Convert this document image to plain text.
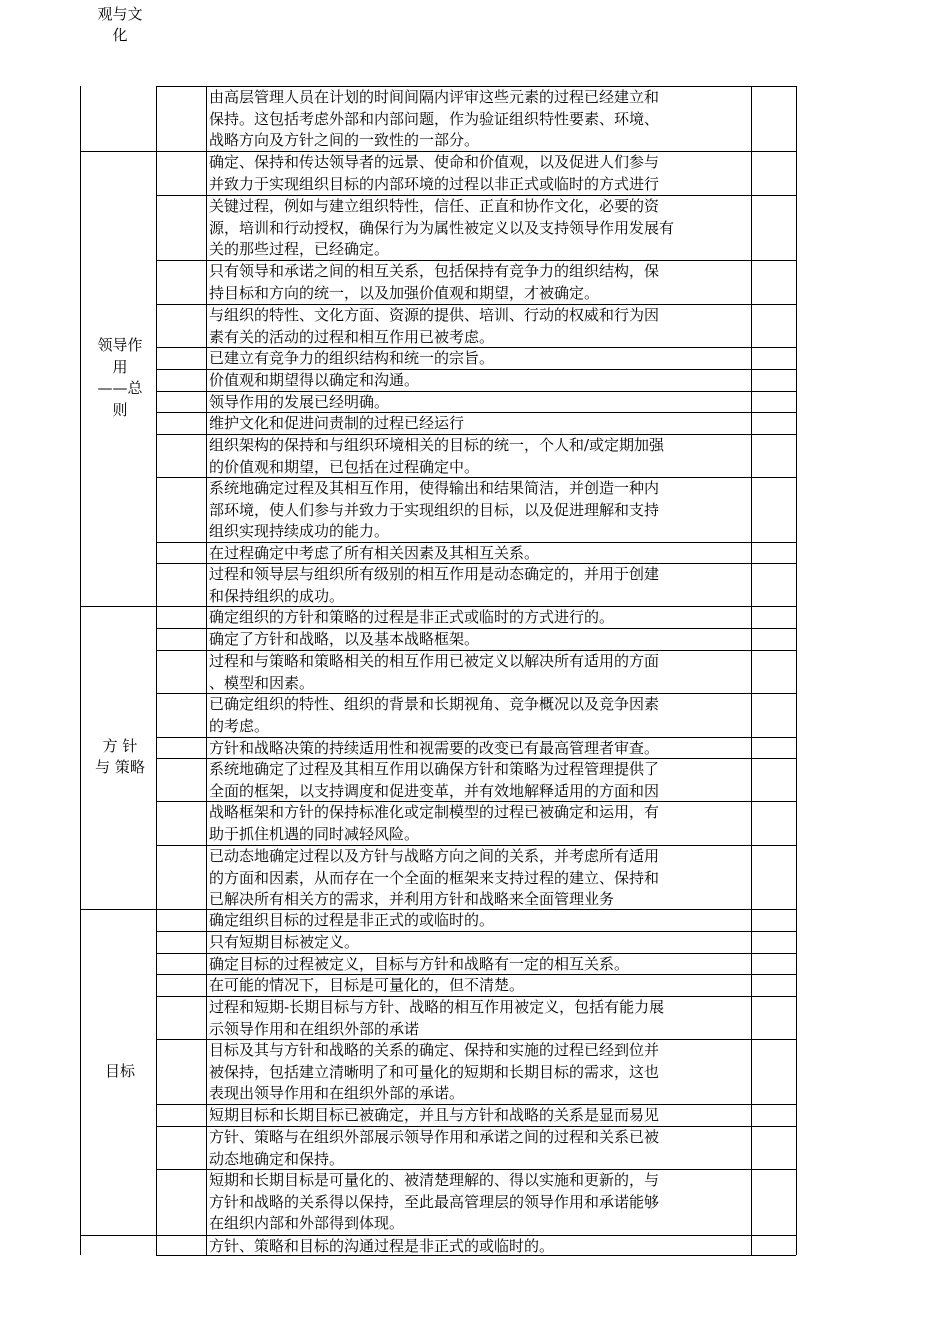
观与文
化
领导作
用
——总
则
方 针
与 策略
目标
由高层管理人员在计划的时间间隔内评审这些元素的过程已经建立和
保持。这包括考虑外部和内部问题，作为验证组织特性要素、环境、
战略方向及方针之间的一致性的一部分。
确定、保持和传达领导者的远景、使命和价值观，以及促进人们参与
并致力于实现组织目标的内部环境的过程以非正式或临时的方式进行
关键过程，例如与建立组织特性，信任、正直和协作文化，必要的资
源，培训和行动授权，确保行为为属性被定义以及支持领导作用发展有
关的那些过程，已经确定。
只有领导和承诺之间的相互关系，包括保持有竞争力的组织结构，保
持目标和方向的统一，以及加强价值观和期望，才被确定。
与组织的特性、文化方面、资源的提供、培训、行动的权威和行为因
素有关的活动的过程和相互作用已被考虑。
已建立有竞争力的组织结构和统一的宗旨。
价值观和期望得以确定和沟通。
领导作用的发展已经明确。
维护文化和促进问责制的过程已经运行
组织架构的保持和与组织环境相关的目标的统一，个人和/或定期加强
的价值观和期望，已包括在过程确定中。
系统地确定过程及其相互作用，使得输出和结果简洁，并创造一种内
部环境，使人们参与并致力于实现组织的目标，以及促进理解和支持
组织实现持续成功的能力。
在过程确定中考虑了所有相关因素及其相互关系。
过程和领导层与组织所有级别的相互作用是动态确定的，并用于创建
和保持组织的成功。
确定组织的方针和策略的过程是非正式或临时的方式进行的。
确定了方针和战略，以及基本战略框架。
过程和与策略和策略相关的相互作用已被定义以解决所有适用的方面
、模型和因素。
已确定组织的特性、组织的背景和长期视角、竞争概况以及竞争因素
的考虑。
方针和战略决策的持续适用性和视需要的改变已有最高管理者审查。
系统地确定了过程及其相互作用以确保方针和策略为过程管理提供了
全面的框架，以支持调度和促进变革，并有效地解释适用的方面和因
战略框架和方针的保持标准化或定制模型的过程已被确定和运用，有
助于抓住机遇的同时减轻风险。
已动态地确定过程以及方针与战略方向之间的关系，并考虑所有适用
的方面和因素，从而存在一个全面的框架来支持过程的建立、保持和
已解决所有相关方的需求，并利用方针和战略来全面管理业务
确定组织目标的过程是非正式的或临时的。
只有短期目标被定义。
确定目标的过程被定义，目标与方针和战略有一定的相互关系。
在可能的情况下，目标是可量化的，但不清楚。
过程和短期-长期目标与方针、战略的相互作用被定义，包括有能力展
示领导作用和在组织外部的承诺
目标及其与方针和战略的关系的确定、保持和实施的过程已经到位并
被保持，包括建立清晰明了和可量化的短期和长期目标的需求，这也
表现出领导作用和在组织外部的承诺。
短期目标和长期目标已被确定，并且与方针和战略的关系是显而易见
方针、策略与在组织外部展示领导作用和承诺之间的过程和关系已被
动态地确定和保持。
短期和长期目标是可量化的、被清楚理解的、得以实施和更新的，与
方针和战略的关系得以保持，至此最高管理层的领导作用和承诺能够
在组织内部和外部得到体现。
方针、策略和目标的沟通过程是非正式的或临时的。
